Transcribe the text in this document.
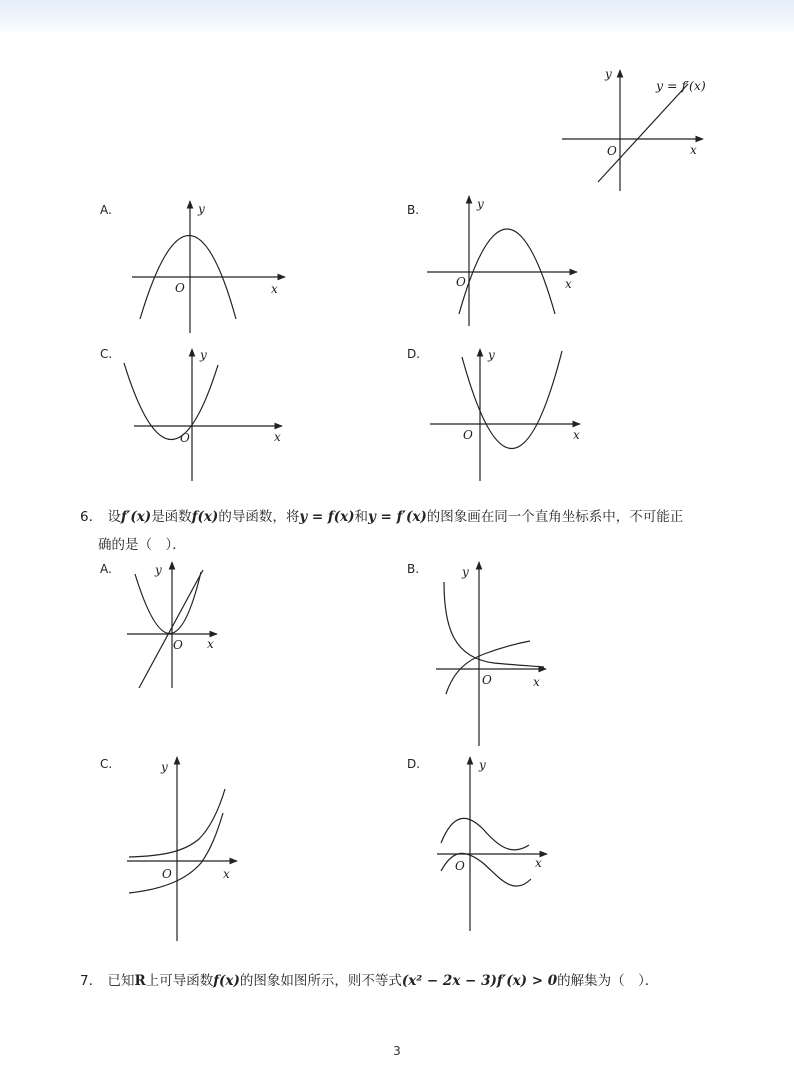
y
x
O
y = f′(x)
A.	y
x
O
B.	y
x
O
C.	y
x
O
D.	y
x
O
6. 设f′(x)是函数f(x)的导函数，将y = f(x)和y = f′(x)的图象画在同一个直角坐标系中，不可能正
确的是（　）．
A.	y
x
O
B.	y
x
O
C.	y
x
O
D.	y
x
O
7. 已知R上可导函数f(x)的图象如图所示，则不等式(x² − 2x − 3)f′(x) > 0的解集为（　）．
3
